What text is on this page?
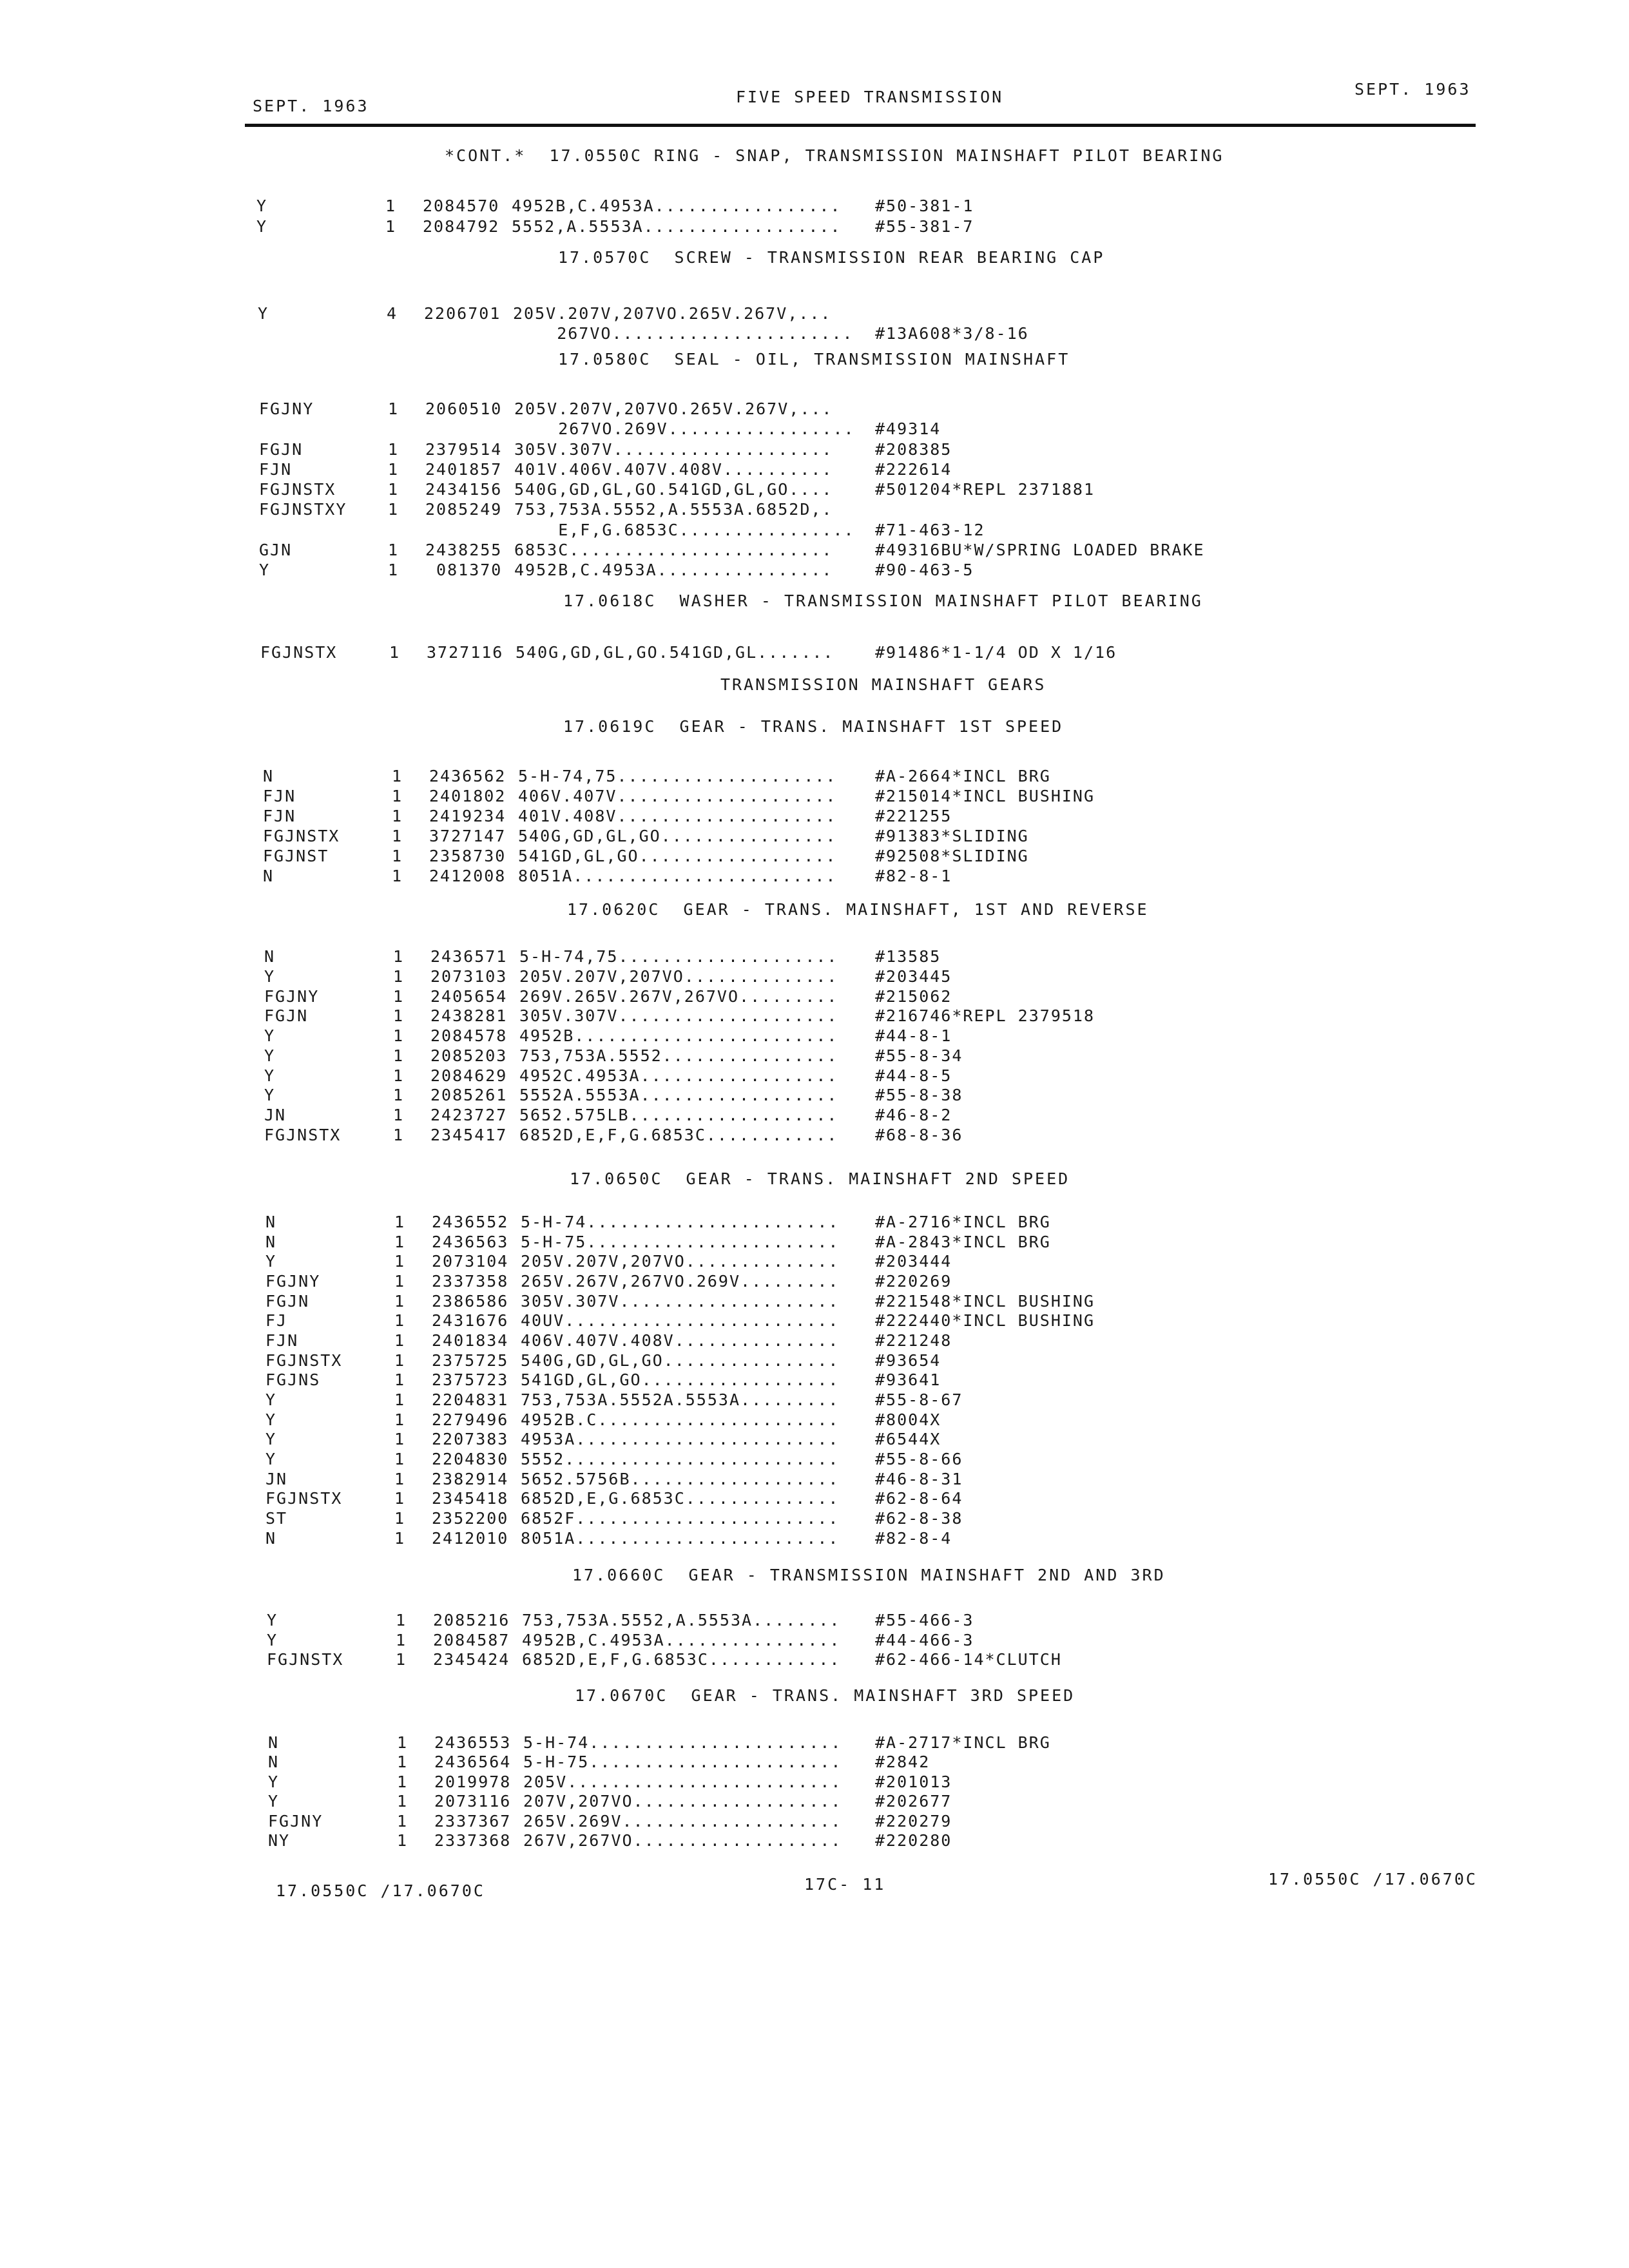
SEPT. 1963	FIVE SPEED TRANSMISSION	SEPT. 1963
*CONT.*  17.0550C RING - SNAP, TRANSMISSION MAINSHAFT PILOT BEARING
Y	1 2084570 4952B,C.4953A................. #50-381-1
Y	1 2084792 5552,A.5553A.................. #55-381-7
17.0570C  SCREW - TRANSMISSION REAR BEARING CAP
Y	4 2206701 205V.207V,207VO.265V.267V,...
267VO...................... #13A608*3/8-16
17.0580C  SEAL - OIL, TRANSMISSION MAINSHAFT
FGJNY	1 2060510 205V.207V,207VO.265V.267V,...
267VO.269V................. #49314
FGJN	1 2379514 305V.307V....................	#208385
FJN	1 2401857 401V.406V.407V.408V..........	#222614
FGJNSTX	1 2434156 540G,GD,GL,GO.541GD,GL,GO....	#501204*REPL 2371881
FGJNSTXY	1 2085249 753,753A.5552,A.5553A.6852D,.
E,F,G.6853C................ #71-463-12
GJN	1 2438255 6853C........................	#49316BU*W/SPRING LOADED BRAKE
Y	1 081370 4952B,C.4953A................	#90-463-5
17.0618C  WASHER - TRANSMISSION MAINSHAFT PILOT BEARING
FGJNSTX	1 3727116 540G,GD,GL,GO.541GD,GL.......	#91486*1-1/4 OD X 1/16
TRANSMISSION MAINSHAFT GEARS
17.0619C  GEAR - TRANS. MAINSHAFT 1ST SPEED
N	1 2436562 5-H-74,75.................... #A-2664*INCL BRG
FJN	1 2401802 406V.407V.................... #215014*INCL BUSHING
FJN	1 2419234 401V.408V.................... #221255
FGJNSTX	1 3727147 540G,GD,GL,GO................ #91383*SLIDING
FGJNST	1 2358730 541GD,GL,GO.................. #92508*SLIDING
N	1 2412008 8051A........................ #82-8-1
17.0620C  GEAR - TRANS. MAINSHAFT, 1ST AND REVERSE
N	1 2436571 5-H-74,75.................... #13585
Y	1 2073103 205V.207V,207VO.............. #203445
FGJNY	1 2405654 269V.265V.267V,267VO......... #215062
FGJN	1 2438281 305V.307V.................... #216746*REPL 2379518
Y	1 2084578 4952B........................ #44-8-1
Y	1 2085203 753,753A.5552................ #55-8-34
Y	1 2084629 4952C.4953A.................. #44-8-5
Y	1 2085261 5552A.5553A.................. #55-8-38
JN	1 2423727 5652.575LB................... #46-8-2
FGJNSTX	1 2345417 6852D,E,F,G.6853C............ #68-8-36
17.0650C  GEAR - TRANS. MAINSHAFT 2ND SPEED
N	1 2436552 5-H-74....................... #A-2716*INCL BRG
N	1 2436563 5-H-75....................... #A-2843*INCL BRG
Y	1 2073104 205V.207V,207VO.............. #203444
FGJNY	1 2337358 265V.267V,267VO.269V......... #220269
FGJN	1 2386586 305V.307V.................... #221548*INCL BUSHING
FJ	1 2431676 40UV......................... #222440*INCL BUSHING
FJN	1 2401834 406V.407V.408V............... #221248
FGJNSTX	1 2375725 540G,GD,GL,GO................ #93654
FGJNS	1 2375723 541GD,GL,GO.................. #93641
Y	1 2204831 753,753A.5552A.5553A......... #55-8-67
Y	1 2279496 4952B.C...................... #8004X
Y	1 2207383 4953A........................ #6544X
Y	1 2204830 5552......................... #55-8-66
JN	1 2382914 5652.5756B................... #46-8-31
FGJNSTX	1 2345418 6852D,E,G.6853C.............. #62-8-64
ST	1 2352200 6852F........................ #62-8-38
N	1 2412010 8051A........................ #82-8-4
17.0660C  GEAR - TRANSMISSION MAINSHAFT 2ND AND 3RD
Y	1 2085216 753,753A.5552,A.5553A........ #55-466-3
Y	1 2084587 4952B,C.4953A................ #44-466-3
FGJNSTX	1 2345424 6852D,E,F,G.6853C............ #62-466-14*CLUTCH
17.0670C  GEAR - TRANS. MAINSHAFT 3RD SPEED
N	1 2436553 5-H-74....................... #A-2717*INCL BRG
N	1 2436564 5-H-75....................... #2842
Y	1 2019978 205V......................... #201013
Y	1 2073116 207V,207VO................... #202677
FGJNY	1 2337367 265V.269V.................... #220279
NY	1 2337368 267V,267VO................... #220280
17.0550C /17.0670C	17C- 11	17.0550C /17.0670C
